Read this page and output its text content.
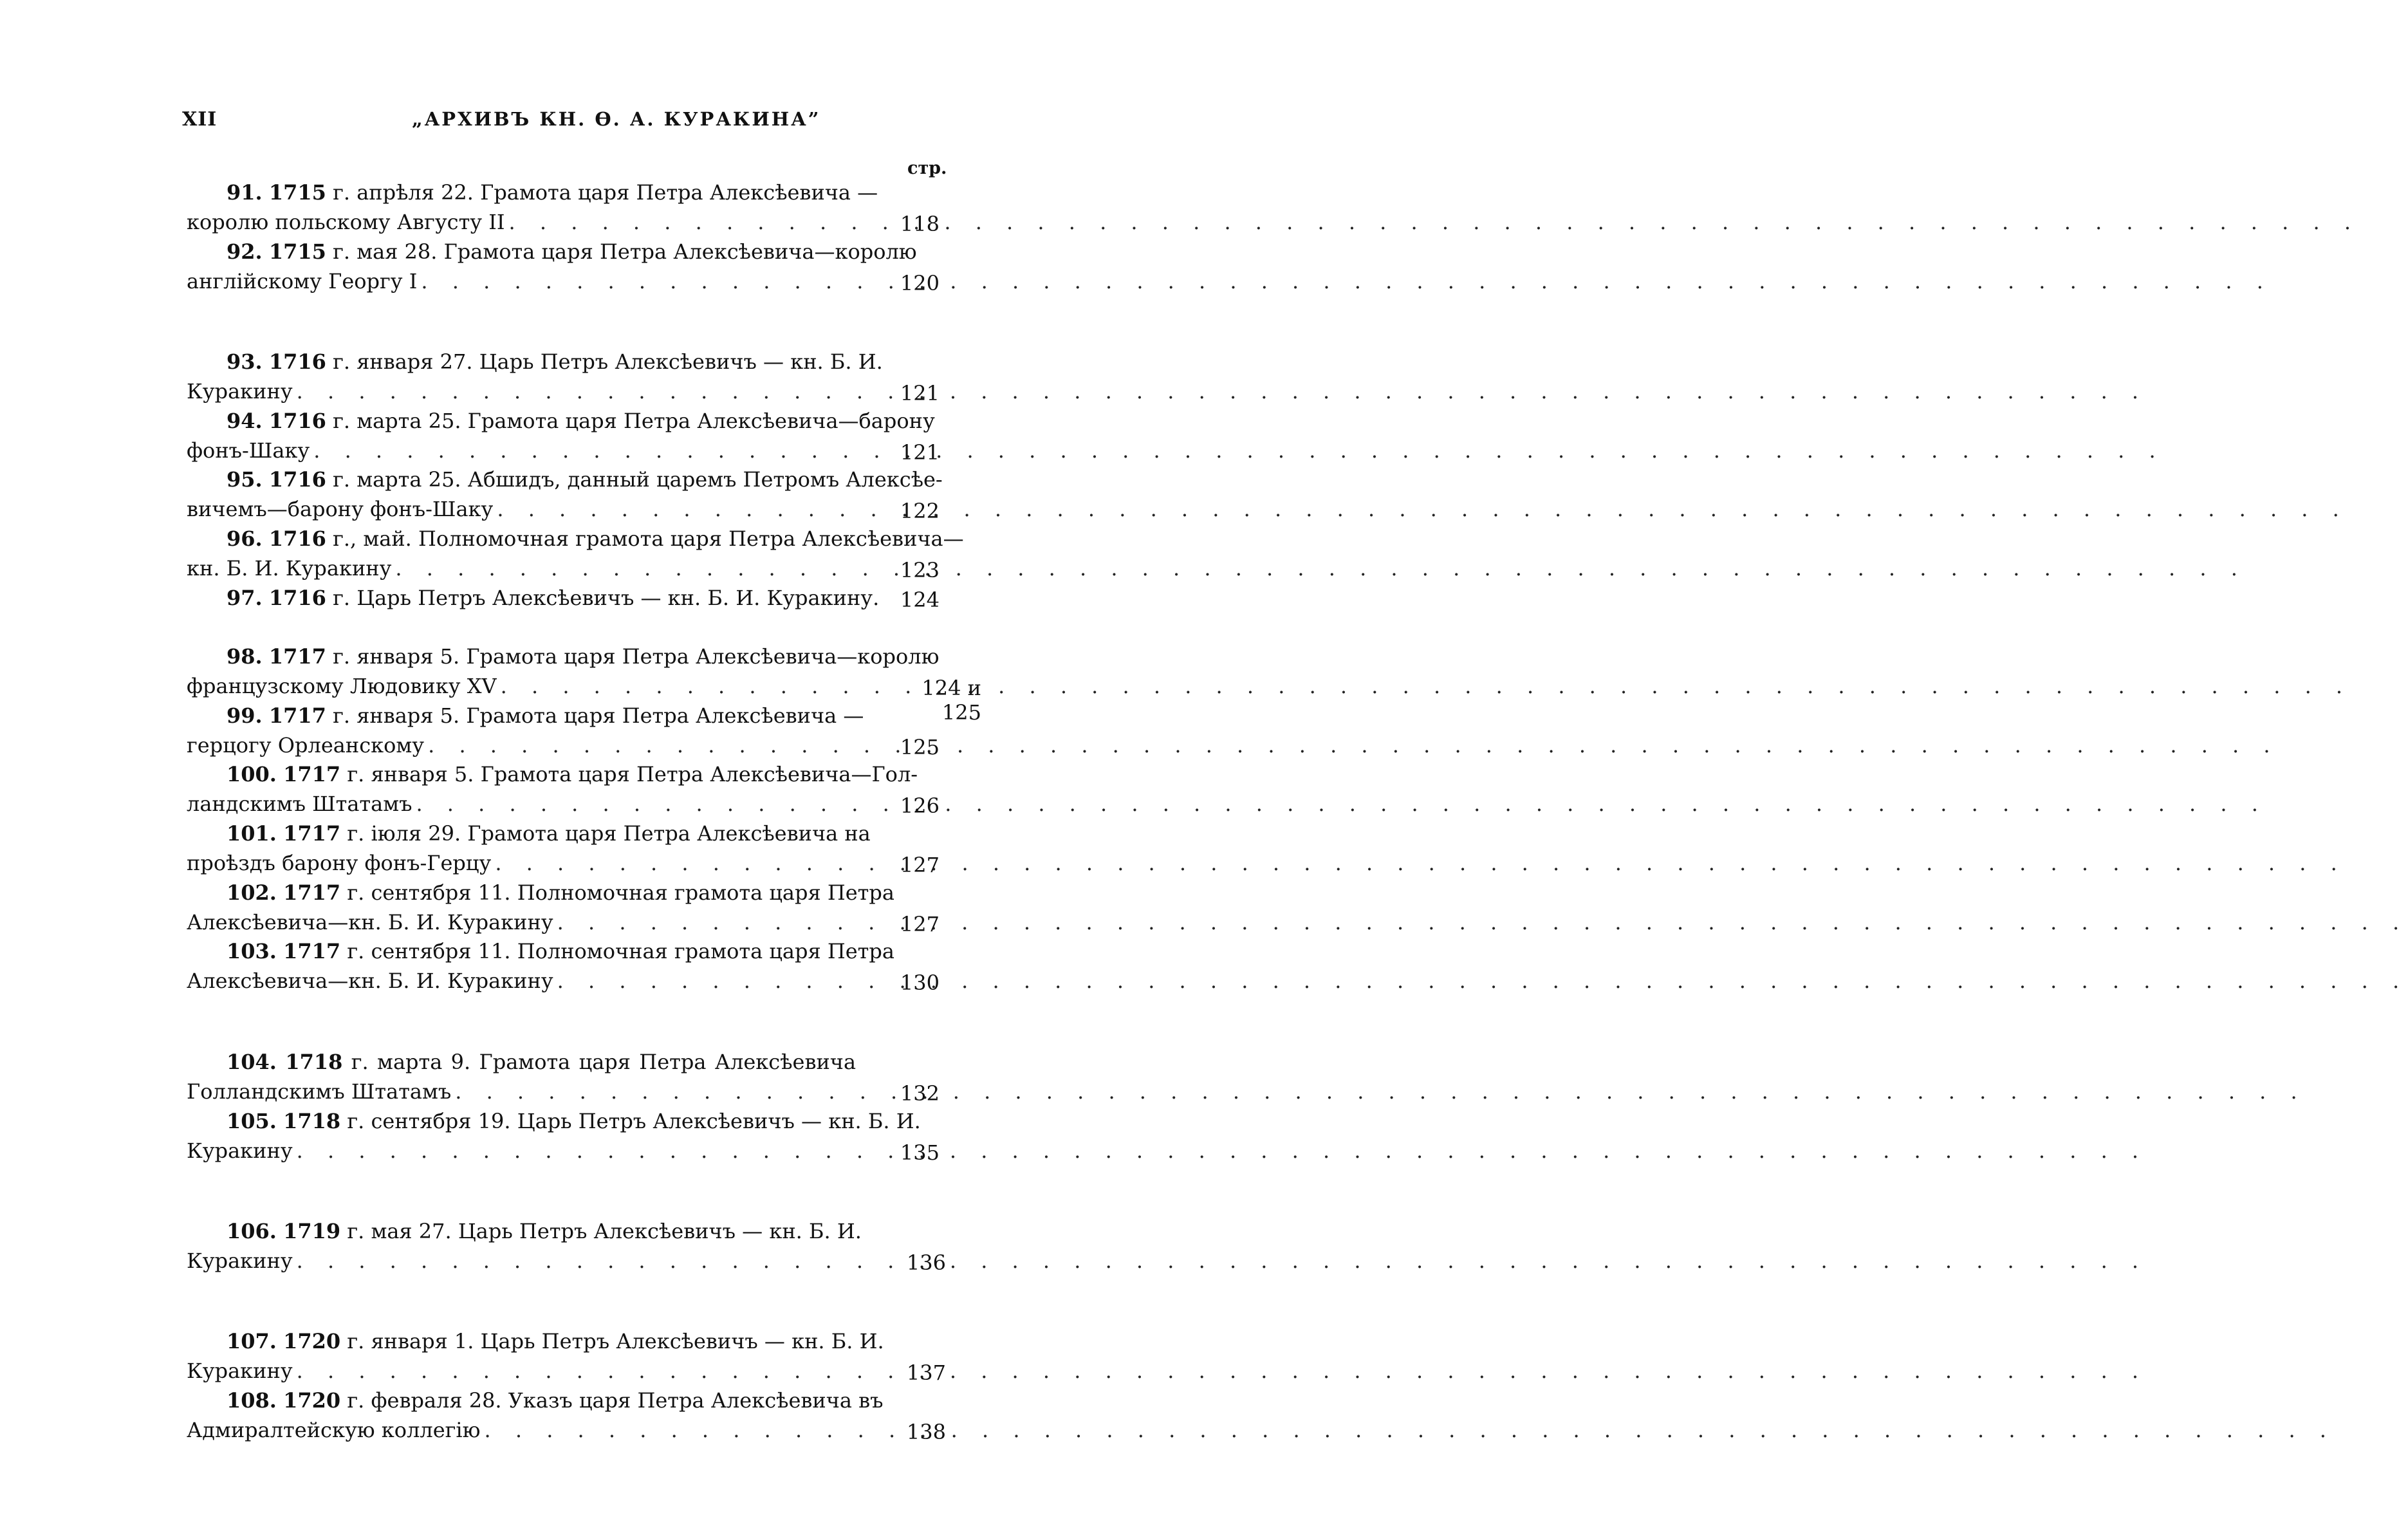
XII	„АРХИВЪ КН. Ѳ. А. КУРАКИНА”
стр.
91. 1715 г. апрѣля 22. Грамота царя Петра Алексѣевича —
королю польскому Августу II . . .	118
92. 1715 г. мая 28. Грамота царя Петра Алексѣевича—королю
англійскому Георгу I . . .	120
93. 1716 г. января 27. Царь Петръ Алексѣевичъ — кн. Б. И.
Куракину . . .	121
94. 1716 г. марта 25. Грамота царя Петра Алексѣевича—барону
фонъ-Шаку . . .	121
95. 1716 г. марта 25. Абшидъ, данный царемъ Петромъ Алексѣе-
вичемъ—барону фонъ-Шаку . . .	122
96. 1716 г., май. Полномочная грамота царя Петра Алексѣевича—
кн. Б. И. Куракину . . .	123
97. 1716 г. Царь Петръ Алексѣевичъ — кн. Б. И. Куракину.	124
98. 1717 г. января 5. Грамота царя Петра Алексѣевича—королю
французскому Людовику XV . . .	124 и 125
99. 1717 г. января 5. Грамота царя Петра Алексѣевича —
герцогу Орлеанскому . . .	125
100. 1717 г. января 5. Грамота царя Петра Алексѣевича—Гол-
ландскимъ Штатамъ . . .	126
101. 1717 г. іюля 29. Грамота царя Петра Алексѣевича на
проѣздъ барону фонъ-Герцу . . .	127
102. 1717 г. сентября 11. Полномочная грамота царя Петра
Алексѣевича—кн. Б. И. Куракину . . .	127
103. 1717 г. сентября 11. Полномочная грамота царя Петра
Алексѣевича—кн. Б. И. Куракину . . .	130
104. 1718 г. марта 9. Грамота царя Петра Алексѣевича
Голландскимъ Штатамъ . . .	132
105. 1718 г. сентября 19. Царь Петръ Алексѣевичъ — кн. Б. И.
Куракину . . .	135
106. 1719 г. мая 27. Царь Петръ Алексѣевичъ — кн. Б. И.
Куракину . . .	136
107. 1720 г. января 1. Царь Петръ Алексѣевичъ — кн. Б. И.
Куракину . . .	137
108. 1720 г. февраля 28. Указъ царя Петра Алексѣевича въ
Адмиралтейскую коллегію . . .	138
